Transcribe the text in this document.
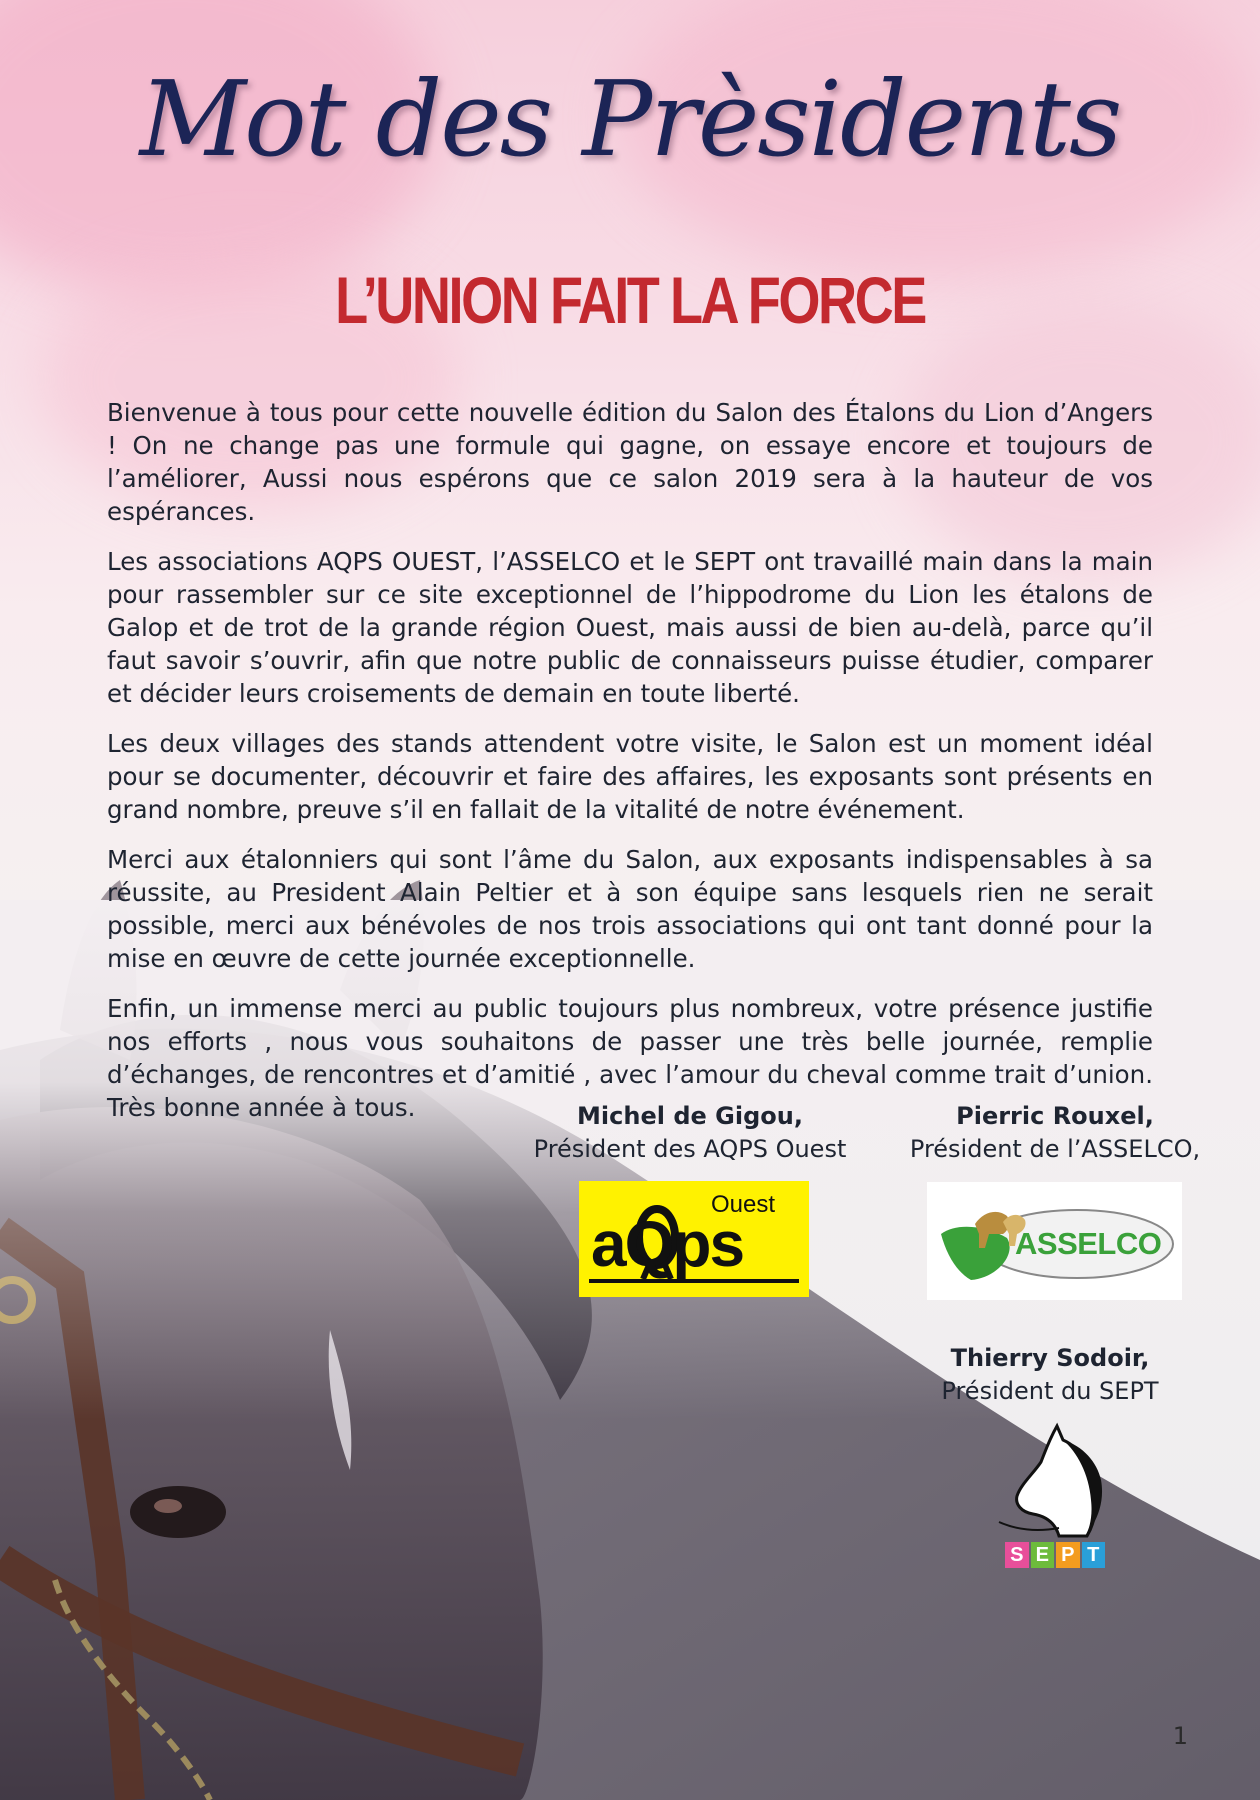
Mot des Prèsidents
L’UNION FAIT LA FORCE

Bienvenue à tous pour cette nouvelle édition du Salon des Étalons du Lion d’Angers ! On ne change pas une formule qui gagne, on essaye encore et toujours de l’améliorer, Aussi nous espérons que ce salon 2019 sera à la hauteur de vos espérances.

Les associations AQPS OUEST, l’ASSELCO et le SEPT ont travaillé main dans la main pour rassembler sur ce site exceptionnel de l’hippodrome du Lion les étalons de Galop et de trot de la grande région Ouest, mais aussi de bien au-delà, parce qu’il faut savoir s’ouvrir, afin que notre public de connaisseurs puisse étudier, comparer et décider leurs croisements de demain en toute liberté.

Les deux villages des stands attendent votre visite, le Salon est un moment idéal pour se documenter, découvrir et faire des affaires, les exposants sont présents en grand nombre, preuve s’il en fallait de la vitalité de notre événement.

Merci aux étalonniers qui sont l’âme du Salon, aux exposants indispensables à sa réussite, au President Alain Peltier et à son équipe sans lesquels rien ne serait possible, merci aux bénévoles de nos trois associations qui ont tant donné pour la mise en œuvre de cette journée exceptionnelle.

Enfin, un immense merci au public toujours plus nombreux, votre présence justifie nos efforts , nous vous souhaitons de passer une très belle journée, remplie d’échanges, de rencontres et d’amitié , avec l’amour du cheval comme trait d’union. Très bonne année à tous.	Michel de Gigou,
Président des AQPS Ouest
Pierric Rouxel,
Président de l’ASSELCO,
Thierry Sodoir,
Président du SEPT
Ouest
aQps	ASSELCO
S E P T
1
